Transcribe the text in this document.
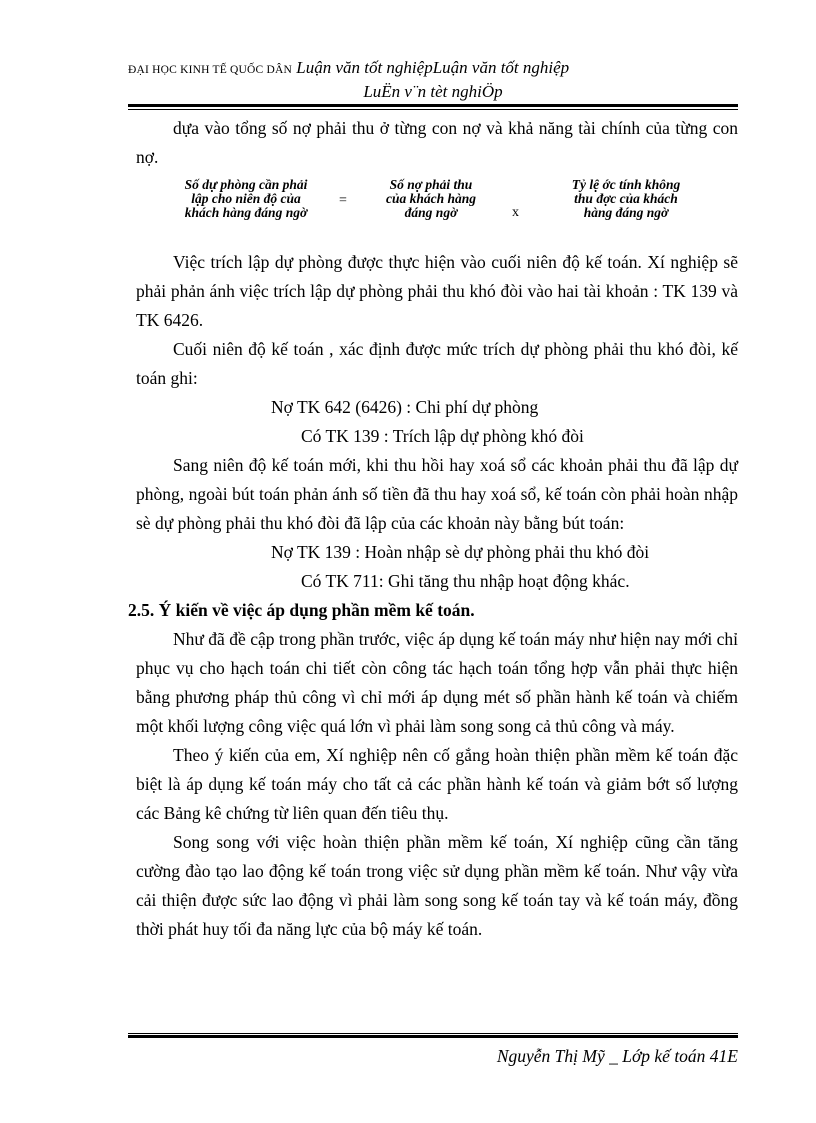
ĐẠI HỌC KINH TẾ QUỐC DÂN Luận văn tốt nghiệpLuận văn tốt nghiệp
LuËn v¨n tèt nghiÖp

dựa vào tổng số nợ phải thu ở từng con nợ và khả năng tài chính của từng con nợ.

Số dự phòng cần phải
lập cho niên độ của
khách hàng đáng ngờ
=
Số nợ phải thu
của khách hàng
đáng ngờ	x
Tỷ lệ ớc tính không
thu đợc của khách
hàng đáng ngờ

Việc trích lập dự phòng được thực hiện vào cuối niên độ kế toán. Xí nghiệp sẽ phải phản ánh việc trích lập dự phòng phải thu khó đòi vào hai tài khoản : TK 139 và TK 6426.

Cuối niên độ kế toán , xác định được mức trích dự phòng phải thu khó đòi, kế toán ghi:

Nợ TK 642 (6426) : Chi phí dự phòng

Có TK 139 : Trích lập dự phòng khó đòi

Sang niên độ kế toán mới, khi thu hồi hay xoá sổ các khoản phải thu đã lập dự phòng, ngoài bút toán phản ánh số tiền đã thu hay xoá sổ, kế toán còn phải hoàn nhập sè dự phòng phải thu khó đòi đã lập của các khoản này bằng bút toán:

Nợ TK 139 : Hoàn nhập sè dự phòng phải thu khó đòi

Có TK 711: Ghi tăng thu nhập hoạt động khác.

2.5. Ý kiến về việc áp dụng phần mềm kế toán.

Như đã đề cập trong phần trước, việc áp dụng kế toán máy như hiện nay mới chỉ phục vụ cho hạch toán chi tiết còn công tác hạch toán tổng hợp vẫn phải thực hiện bằng phương pháp thủ công vì chỉ mới áp dụng mét số phần hành kế toán và chiếm một khối lượng công việc quá lớn vì phải làm song song cả thủ công và máy.

Theo ý kiến của em, Xí nghiệp nên cố gắng hoàn thiện phần mềm kế toán đặc biệt là áp dụng kế toán máy cho tất cả các phần hành kế toán và giảm bớt số lượng các Bảng kê chứng từ liên quan đến tiêu thụ.

Song song với việc hoàn thiện phần mềm kế toán, Xí nghiệp cũng cần tăng cường đào tạo lao động kế toán trong việc sử dụng phần mềm kế toán. Như vậy vừa cải thiện được sức lao động vì phải làm song song kế toán tay và kế toán máy, đồng thời phát huy tối đa năng lực của bộ máy kế toán.

Nguyễn Thị Mỹ _ Lớp kế toán 41E
